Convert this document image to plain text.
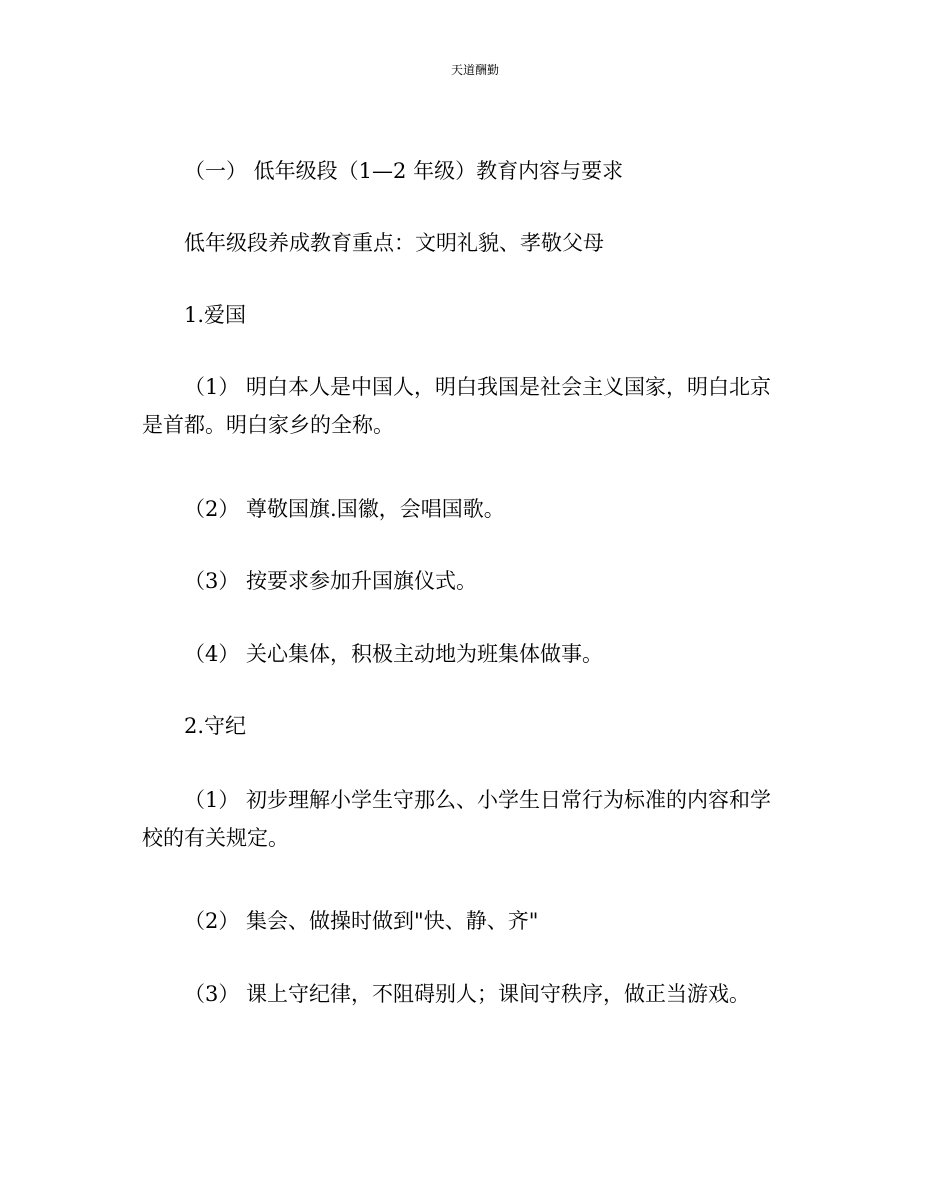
天道酬勤
（一） 低年级段（1—2 年级）教育内容与要求
低年级段养成教育重点：文明礼貌、孝敬父母
1.爱国
（1） 明白本人是中国人，明白我国是社会主义国家，明白北京
是首都。明白家乡的全称。
（2） 尊敬国旗.国徽，会唱国歌。
（3） 按要求参加升国旗仪式。
（4） 关心集体，积极主动地为班集体做事。
2.守纪
（1） 初步理解小学生守那么、小学生日常行为标准的内容和学
校的有关规定。
（2） 集会、做操时做到"快、静、齐"
（3） 课上守纪律，不阻碍别人；课间守秩序，做正当游戏。
